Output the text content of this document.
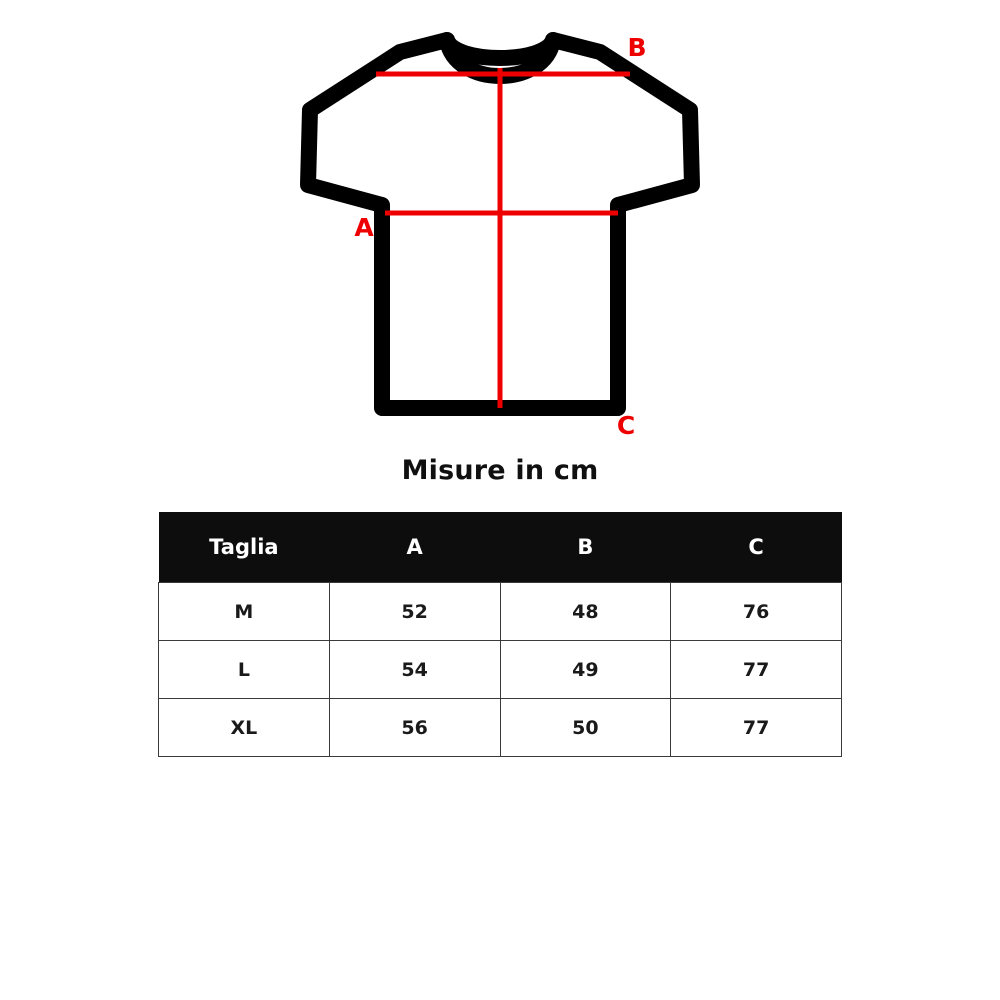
A
B
C
Misure in cm
Taglia	A	B	C
M	52	48	76
L	54	49	77
XL	56	50	77
